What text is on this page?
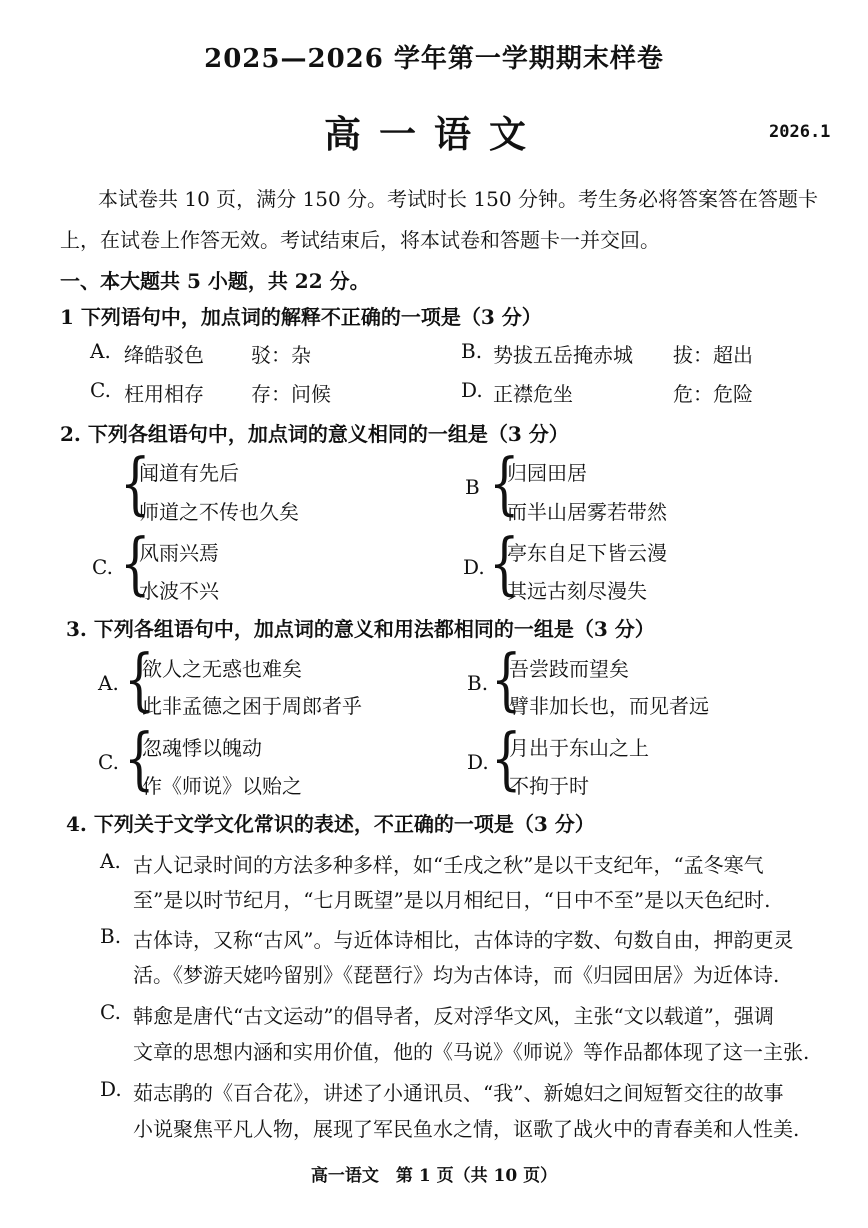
2025—2026 学年第一学期期末样卷
高一语文	2026.1
本试卷共 10 页，满分 150 分。考试时长 150 分钟。考生务必将答案答在答题卡
上，在试卷上作答无效。考试结束后，将本试卷和答题卡一并交回。
一、本大题共 5 小题，共 22 分。
1 下列语句中，加点词的解释不正确的一项是（3 分）
A. 绛皓驳色 驳：杂	B. 势拔五岳掩赤城 拔：超出
C. 枉用相存 存：问候	D. 正襟危坐	危：危险
2. 下列各组语句中，加点词的意义相同的一组是（3 分）
{
闻道有先后
师道之不传也久矣
B {
归园田居
而半山居雾若带然
C. {
风雨兴焉
水波不兴
D. {
亭东自足下皆云漫
其远古刻尽漫失
3. 下列各组语句中，加点词的意义和用法都相同的一组是（3 分）
A. {
欲人之无惑也难矣
此非孟德之困于周郎者乎
B. {
吾尝跂而望矣
臂非加长也，而见者远
C. {
忽魂悸以魄动
作《师说》以贻之
D. {
月出于东山之上
不拘于时
4. 下列关于文学文化常识的表述，不正确的一项是（3 分）
A. 古人记录时间的方法多种多样，如“壬戌之秋”是以干支纪年，“孟冬寒气
至”是以时节纪月，“七月既望”是以月相纪日，“日中不至”是以天色纪时.
B. 古体诗，又称“古风”。与近体诗相比，古体诗的字数、句数自由，押韵更灵
活。《梦游天姥吟留别》《琵琶行》均为古体诗，而《归园田居》为近体诗.
C. 韩愈是唐代“古文运动”的倡导者，反对浮华文风，主张“文以载道”，强调
文章的思想内涵和实用价值，他的《马说》《师说》等作品都体现了这一主张.
D. 茹志鹃的《百合花》，讲述了小通讯员、“我”、新媳妇之间短暂交往的故事
小说聚焦平凡人物，展现了军民鱼水之情，讴歌了战火中的青春美和人性美.
高一语文　第 1 页（共 10 页）
